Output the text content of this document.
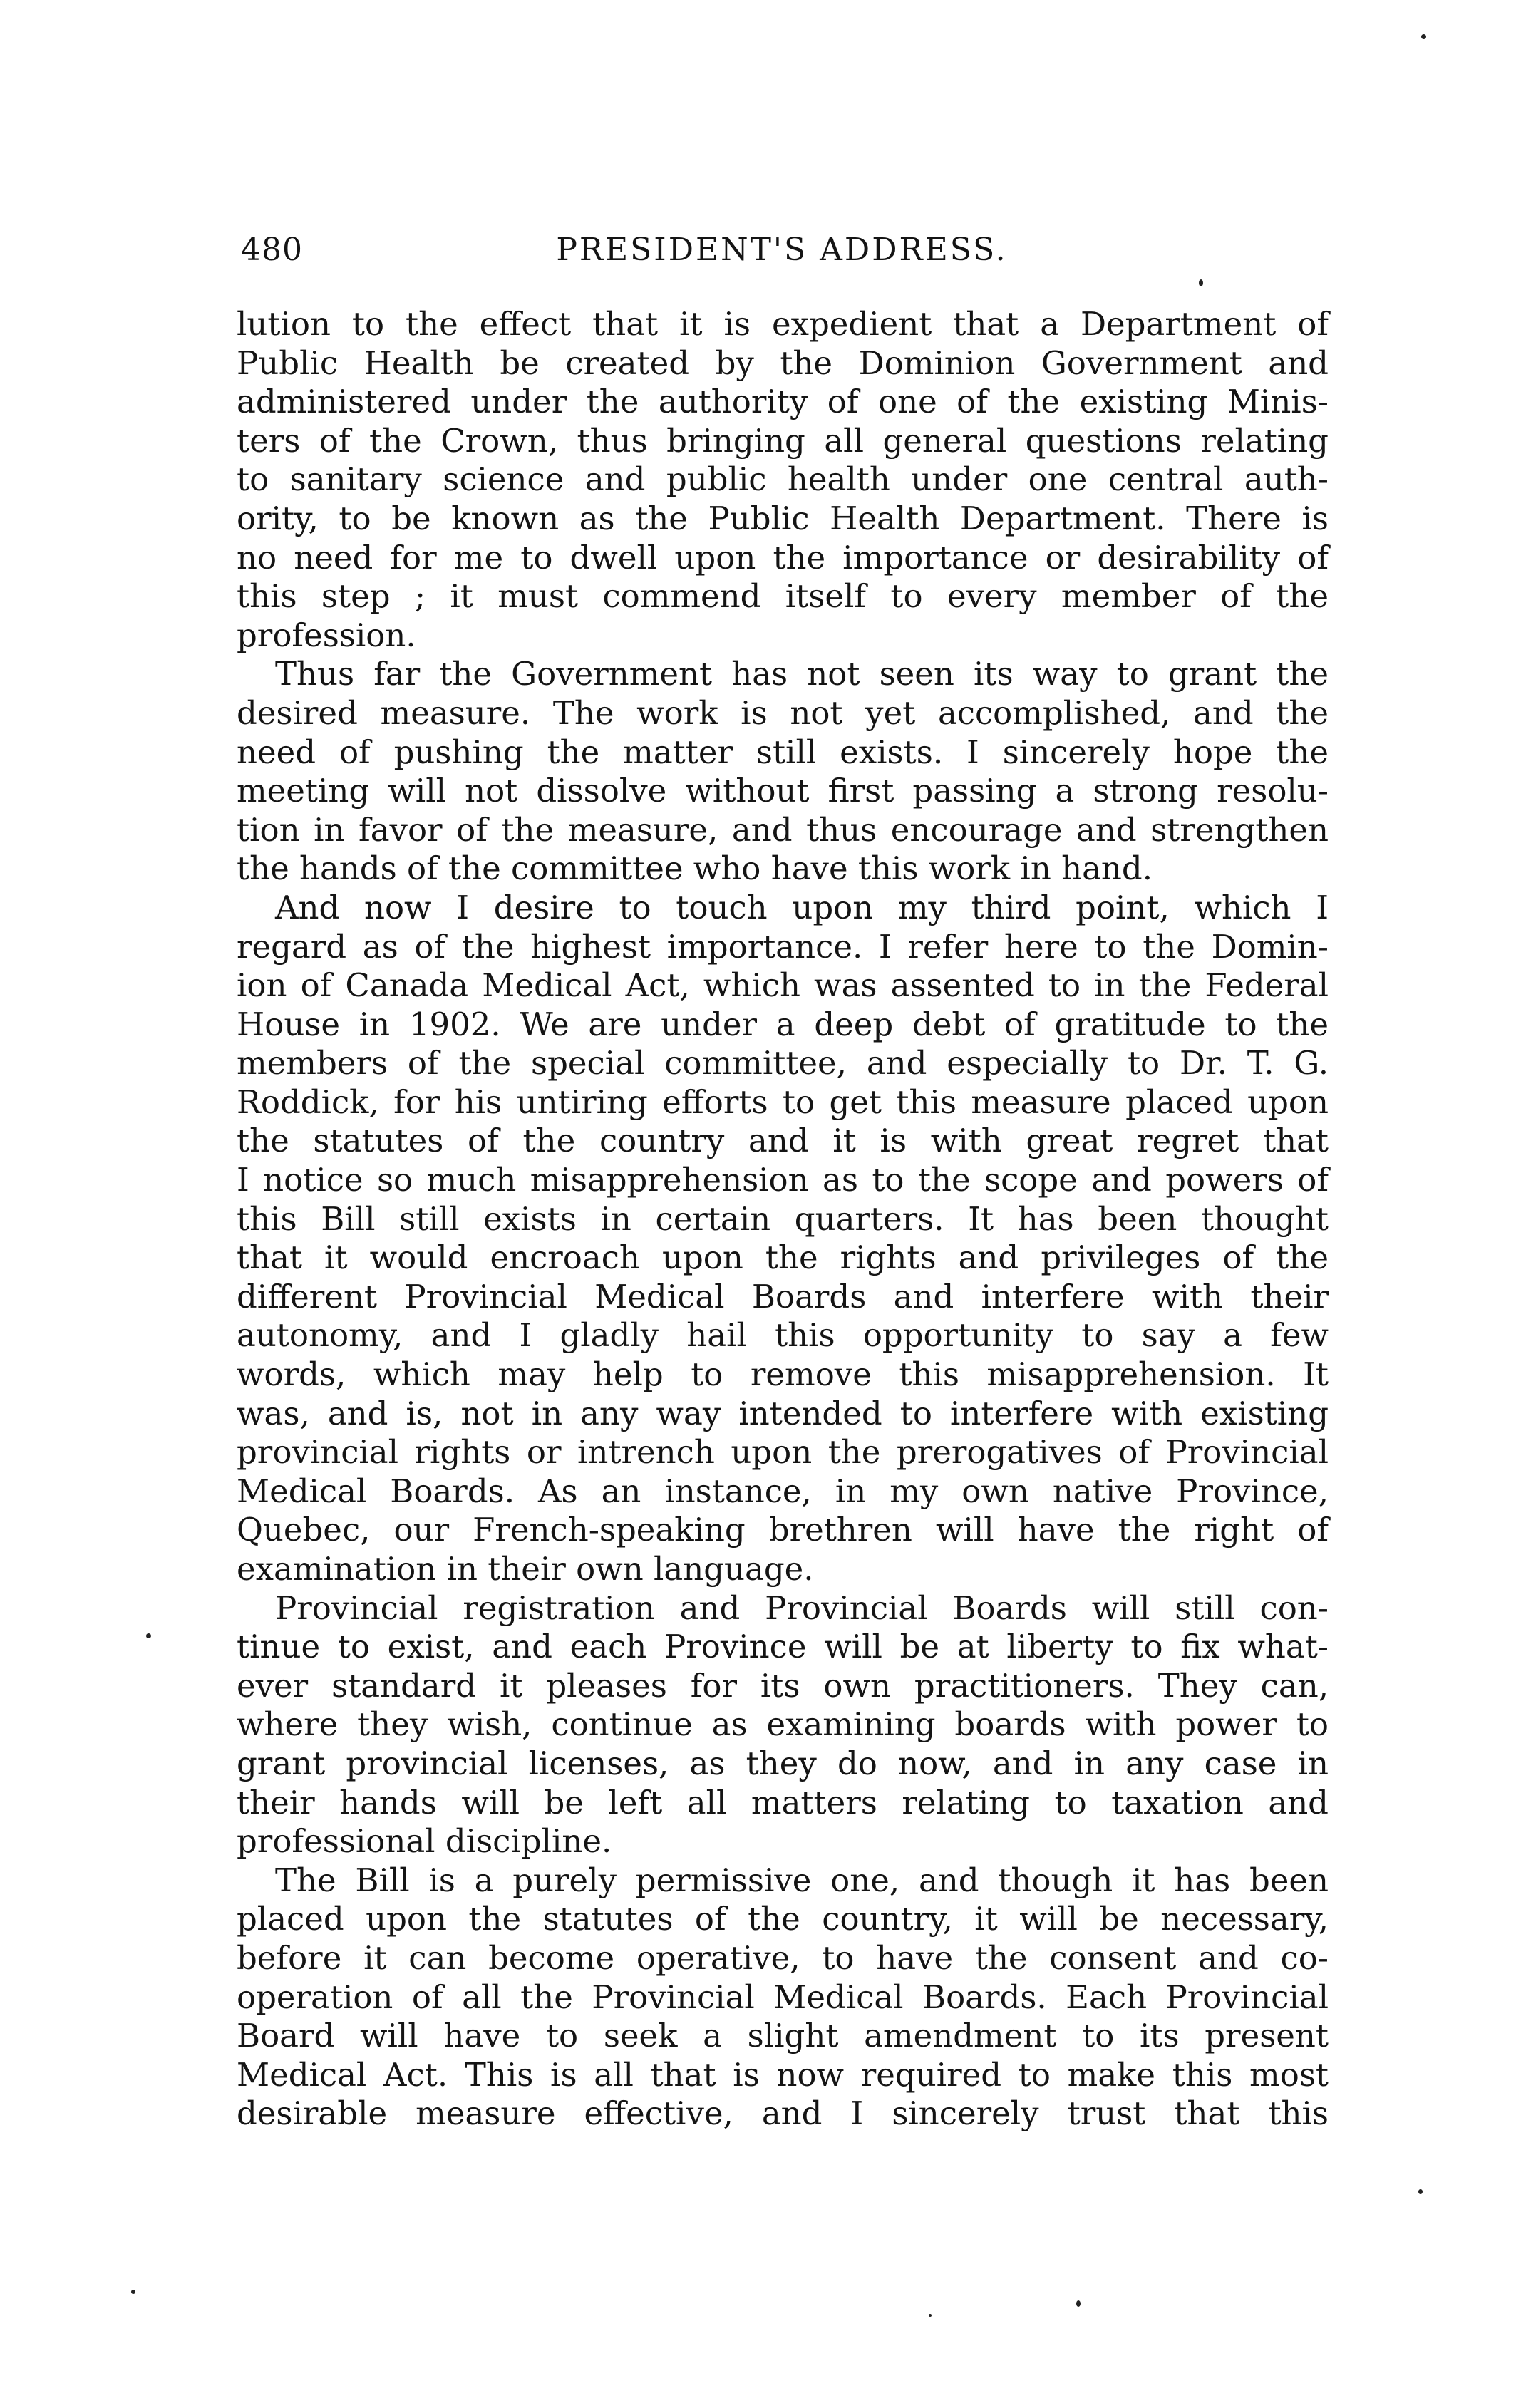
480	PRESIDENT'S ADDRESS.

lution to the effect that it is expedient that a Department of
Public Health be created by the Dominion Government and
administered under the authority of one of the existing Minis-
ters of the Crown, thus bringing all general questions relating
to sanitary science and public health under one central auth-
ority, to be known as the Public Health Department. There is
no need for me to dwell upon the importance or desirability of
this step ; it must commend itself to every member of the
profession.

Thus far the Government has not seen its way to grant the
desired measure. The work is not yet accomplished, and the
need of pushing the matter still exists. I sincerely hope the
meeting will not dissolve without first passing a strong resolu-
tion in favor of the measure, and thus encourage and strengthen
the hands of the committee who have this work in hand.

And now I desire to touch upon my third point, which I
regard as of the highest importance. I refer here to the Domin-
ion of Canada Medical Act, which was assented to in the Federal
House in 1902. We are under a deep debt of gratitude to the
members of the special committee, and especially to Dr. T. G.
Roddick, for his untiring efforts to get this measure placed upon
the statutes of the country and it is with great regret that
I notice so much misapprehension as to the scope and powers of
this Bill still exists in certain quarters. It has been thought
that it would encroach upon the rights and privileges of the
different Provincial Medical Boards and interfere with their
autonomy, and I gladly hail this opportunity to say a few
words, which may help to remove this misapprehension. It
was, and is, not in any way intended to interfere with existing
provincial rights or intrench upon the prerogatives of Provincial
Medical Boards. As an instance, in my own native Province,
Quebec, our French-speaking brethren will have the right of
examination in their own language.

Provincial registration and Provincial Boards will still con-
tinue to exist, and each Province will be at liberty to fix what-
ever standard it pleases for its own practitioners. They can,
where they wish, continue as examining boards with power to
grant provincial licenses, as they do now, and in any case in
their hands will be left all matters relating to taxation and
professional discipline.

The Bill is a purely permissive one, and though it has been
placed upon the statutes of the country, it will be necessary,
before it can become operative, to have the consent and co-
operation of all the Provincial Medical Boards. Each Provincial
Board will have to seek a slight amendment to its present
Medical Act. This is all that is now required to make this most
desirable measure effective, and I sincerely trust that this
